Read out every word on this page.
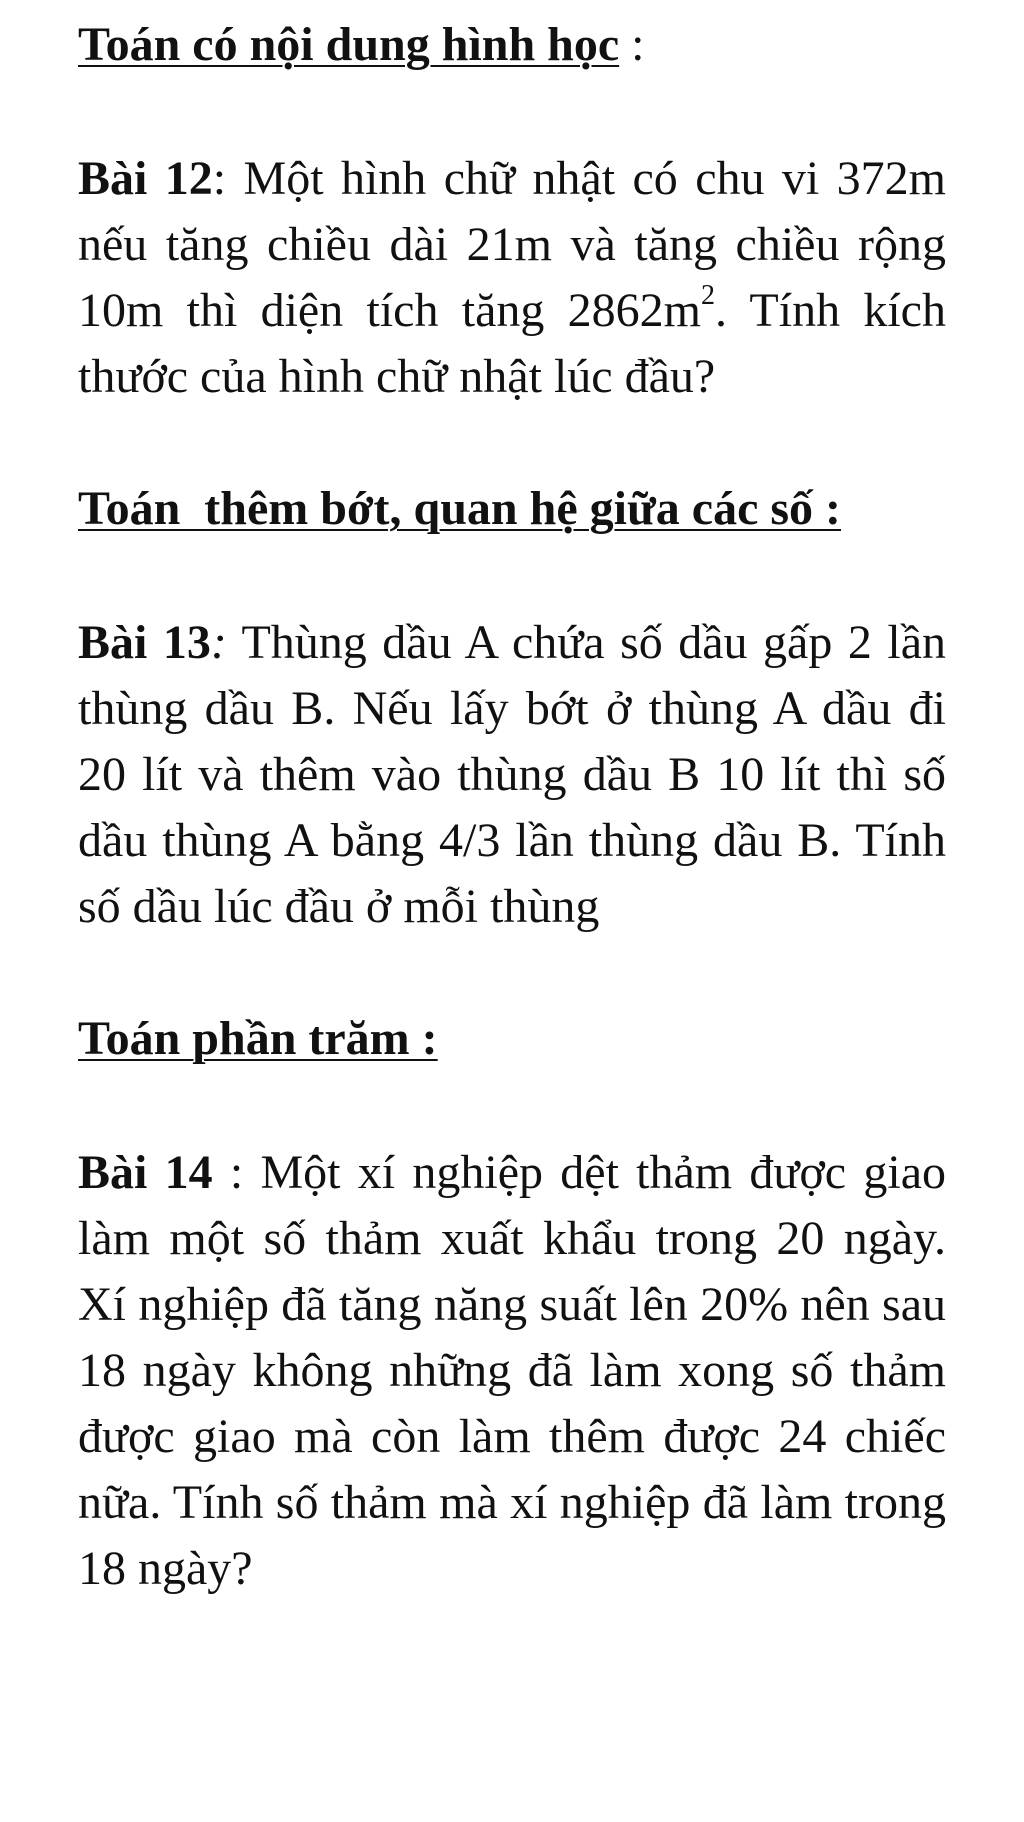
Toán có nội dung hình học :

Bài 12: Một hình chữ nhật có chu vi 372m nếu tăng chiều dài 21m và tăng chiều rộng 10m thì diện tích tăng $2862m^2$. Tính kích thước của hình chữ nhật lúc đầu?

Toán  thêm bớt, quan hệ giữa các số :

Bài 13: Thùng dầu A chứa số dầu gấp 2 lần thùng dầu B. Nếu lấy bớt ở thùng A dầu đi 20 lít và thêm vào thùng dầu B 10 lít thì số dầu thùng A bằng 4/3 lần thùng dầu B. Tính số dầu lúc đầu ở mỗi thùng

Toán phần trăm :

Bài 14 : Một xí nghiệp dệt thảm được giao làm một số thảm xuất khẩu trong 20 ngày. Xí nghiệp đã tăng năng suất lên 20% nên sau 18 ngày không những đã làm xong số thảm được giao mà còn làm thêm được 24 chiếc nữa. Tính số thảm mà xí nghiệp đã làm trong 18 ngày?
